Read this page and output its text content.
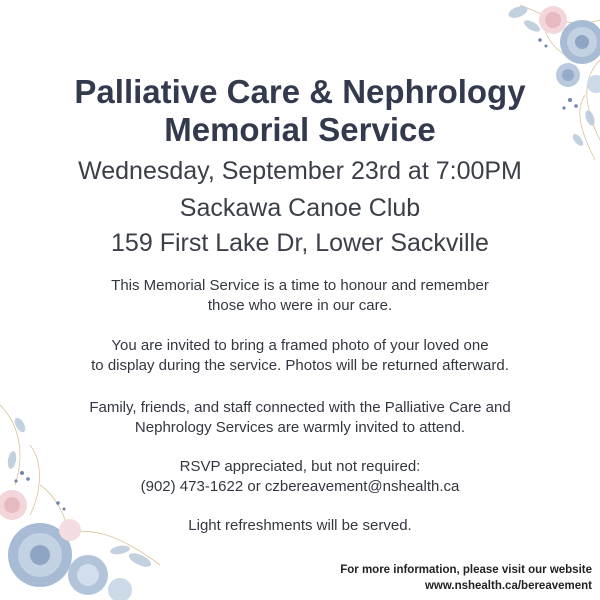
Palliative Care & Nephrology
Memorial Service

Wednesday, September 23rd at 7:00PM

Sackawa Canoe Club

159 First Lake Dr, Lower Sackville

This Memorial Service is a time to honour and remember
those who were in our care.

You are invited to bring a framed photo of your loved one
to display during the service. Photos will be returned afterward.

Family, friends, and staff connected with the Palliative Care and
Nephrology Services are warmly invited to attend.

RSVP appreciated, but not required:
(902) 473-1622 or czbereavement@nshealth.ca

Light refreshments will be served.

For more information, please visit our website
www.nshealth.ca/bereavement
